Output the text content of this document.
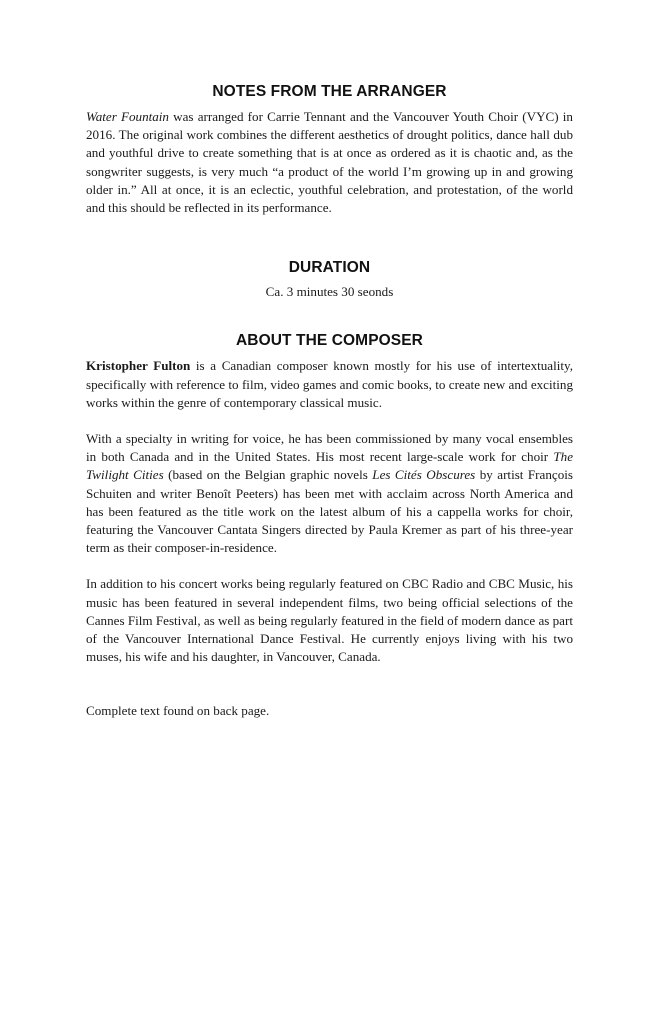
NOTES FROM THE ARRANGER

Water Fountain was arranged for Carrie Tennant and the Vancouver Youth Choir (VYC) in 2016. The original work combines the different aesthetics of drought politics, dance hall dub and youthful drive to create something that is at once as ordered as it is chaotic and, as the songwriter suggests, is very much “a product of the world I’m growing up in and growing older in.” All at once, it is an eclectic, youthful celebration, and protestation, of the world and this should be reflected in its performance.

DURATION

Ca. 3 minutes 30 seonds

ABOUT THE COMPOSER

Kristopher Fulton is a Canadian composer known mostly for his use of intertextuality, specifically with reference to film, video games and comic books, to create new and exciting works within the genre of contemporary classical music.

With a specialty in writing for voice, he has been commissioned by many vocal ensembles in both Canada and in the United States. His most recent large-scale work for choir The Twilight Cities (based on the Belgian graphic novels Les Cités Obscures by artist François Schuiten and writer Benoît Peeters) has been met with acclaim across North America and has been featured as the title work on the latest album of his a cappella works for choir, featuring the Vancouver Cantata Singers directed by Paula Kremer as part of his three-year term as their composer-in-residence.

In addition to his concert works being regularly featured on CBC Radio and CBC Music, his music has been featured in several independent films, two being official selections of the Cannes Film Festival, as well as being regularly featured in the field of modern dance as part of the Vancouver International Dance Festival. He currently enjoys living with his two muses, his wife and his daughter, in Vancouver, Canada.

Complete text found on back page.
